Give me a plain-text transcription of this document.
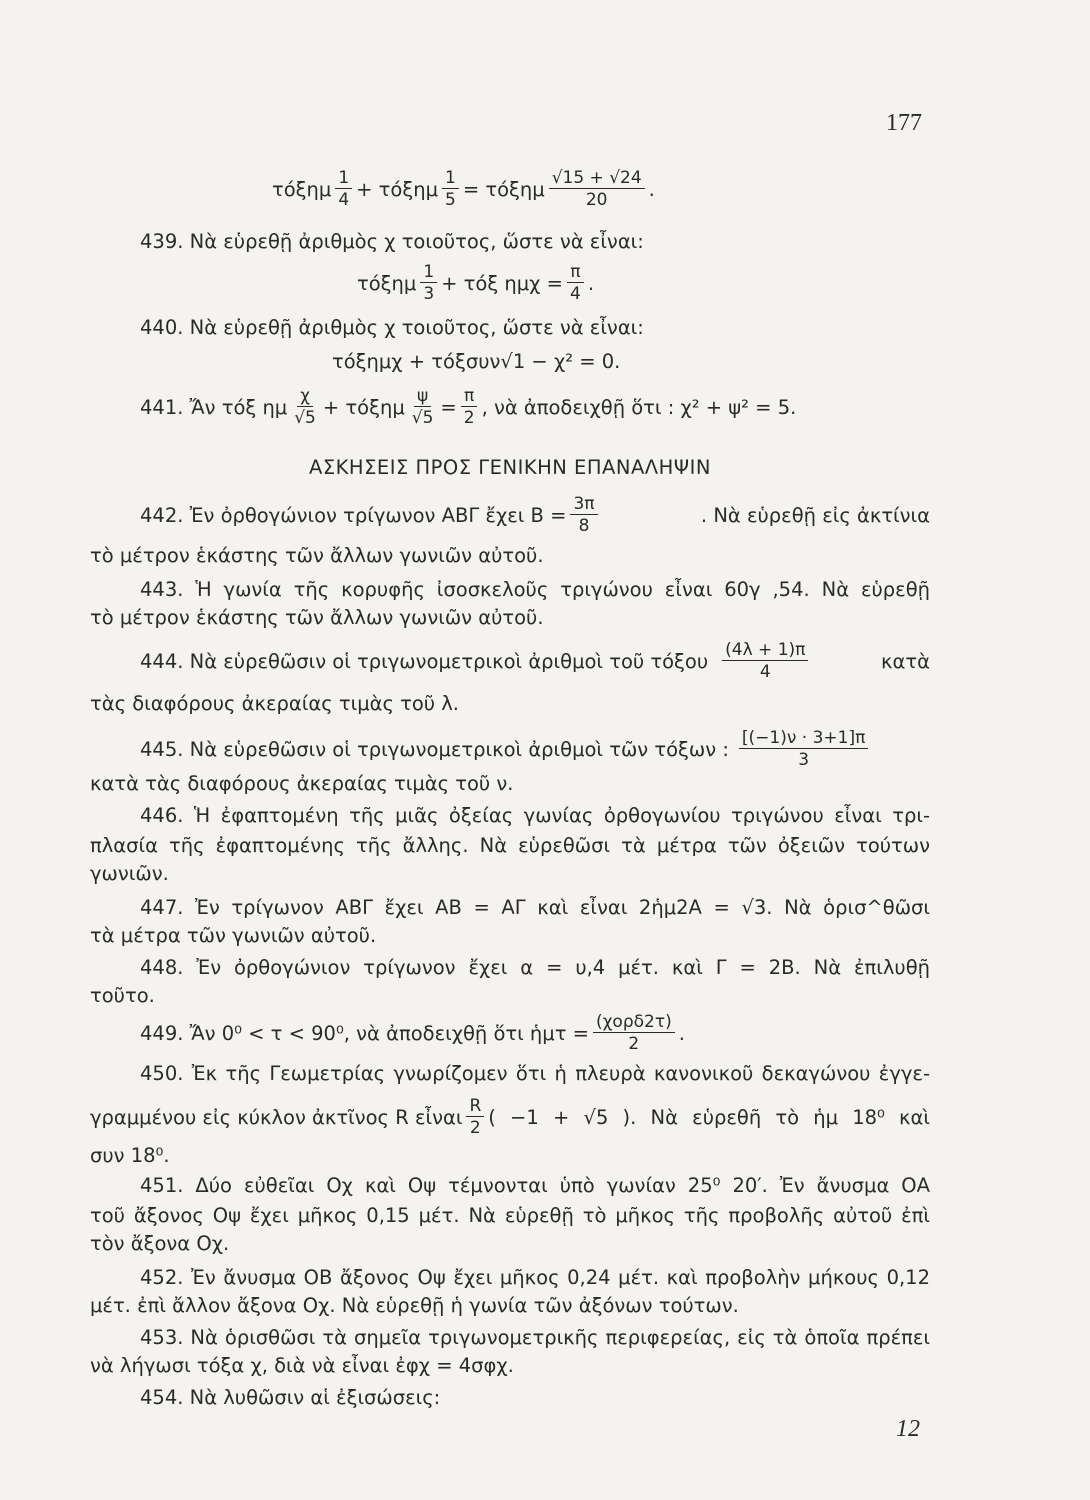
177
τόξημ $\frac{1}{4} + \tau ό\xi\eta\mu \frac{1}{5} = \tau ό\xi\eta\mu \frac{√15 + √24}{20}$ .
439. Νὰ εὑρεθῇ ἀριθμὸς χ τοιοῦτος, ὥστε νὰ εἶναι:
τόξημ $\frac{1}{3} + \tau ό\xi$ $\eta\mu\chi = \frac{\pi}{4}$ .
440. Νὰ εὑρεθῇ ἀριθμὸς χ τοιοῦτος, ὥστε νὰ εἶναι:
τόξημχ + τόξσυν√1 − χ² = 0.
441. Ἄν τόξ ημ $\frac{\chi}{√5} + \tau ό\xi\eta\mu \frac{\psi}{√5} = \frac{\pi}{2}$ , νὰ ἀποδειχθῇ ὅτι : χ² + ψ² = 5.
ΑΣΚΗΣΕΙΣ ΠΡΟΣ ΓΕΝΙΚΗΝ ΕΠΑΝΑΛΗΨΙΝ
442. Ἐν ὀρθογώνιον τρίγωνον ΑΒΓ ἔχει $B = \frac{3\pi}{8}$	. Νὰ εὑρεθῇ εἰς ἀκτίνια
τὸ μέτρον ἑκάστης τῶν ἄλλων γωνιῶν αὐτοῦ.
443. Ἡ γωνία τῆς κορυφῆς ἰσοσκελοῦς τριγώνου εἶναι 60γ ,54. Νὰ εὑρεθῇ
τὸ μέτρον ἑκάστης τῶν ἄλλων γωνιῶν αὐτοῦ.
444. Νὰ εὑρεθῶσιν οἱ τριγωνομετρικοὶ ἀριθμοὶ τοῦ τόξου $\frac{(4\lambda + 1)\pi}{4}$	κατὰ
τὰς διαφόρους ἀκεραίας τιμὰς τοῦ λ.
445. Νὰ εὑρεθῶσιν οἱ τριγωνομετρικοὶ ἀριθμοὶ τῶν τόξων : $\frac{[(-1)\nu \cdot 3+1]\pi}{3}$
κατὰ τὰς διαφόρους ἀκεραίας τιμὰς τοῦ ν.
446. Ἡ ἐφαπτομένη τῆς μιᾶς ὀξείας γωνίας ὀρθογωνίου τριγώνου εἶναι τρι-
πλασία τῆς ἐφαπτομένης τῆς ἄλλης. Νὰ εὑρεθῶσι τὰ μέτρα τῶν ὀξειῶν τούτων
γωνιῶν.
447. Ἐν τρίγωνον ΑΒΓ ἔχει ΑΒ = ΑΓ καὶ εἶναι 2ἡμ2Α = √3. Νὰ ὁρισ^θῶσι
τὰ μέτρα τῶν γωνιῶν αὐτοῦ.
448. Ἐν ὀρθογώνιον τρίγωνον ἔχει α = υ,4 μέτ. καὶ Γ = 2Β. Νὰ ἐπιλυθῇ
τοῦτο.
449. Ἄν 0⁰ < τ < 90⁰, νὰ ἀποδειχθῇ ὅτι ἡμτ = $\frac{\text{(χορδ2τ)}}{2}$ .
450. Ἐκ τῆς Γεωμετρίας γνωρίζομεν ὅτι ἡ πλευρὰ κανονικοῦ δεκαγώνου ἐγγε-
γραμμένου εἰς κύκλον ἀκτῖνος R εἶναι $\frac{R}{2}$ ( −1 + √5 ). Νὰ εὑρεθῆ τὸ ἡμ 18⁰ καὶ
συν 18⁰.
451. Δύο εὐθεῖαι Οχ καὶ Οψ τέμνονται ὑπὸ γωνίαν 25⁰ 20′. Ἐν ἄνυσμα ΟΑ
τοῦ ἄξονος Οψ ἔχει μῆκος 0,15 μέτ. Νὰ εὑρεθῇ τὸ μῆκος τῆς προβολῆς αὐτοῦ ἐπὶ
τὸν ἄξονα Οχ.
452. Ἐν ἄνυσμα ΟΒ ἄξονος Οψ ἔχει μῆκος 0,24 μέτ. καὶ προβολὴν μήκους 0,12
μέτ. ἐπὶ ἄλλον ἄξονα Οχ. Νὰ εὑρεθῇ ἡ γωνία τῶν ἀξόνων τούτων.
453. Νὰ ὁρισθῶσι τὰ σημεῖα τριγωνομετρικῆς περιφερείας, εἰς τὰ ὁποῖα πρέπει
νὰ λήγωσι τόξα χ, διὰ νὰ εἶναι ἐφχ = 4σφχ.
454. Νὰ λυθῶσιν αἱ ἐξισώσεις:
12
